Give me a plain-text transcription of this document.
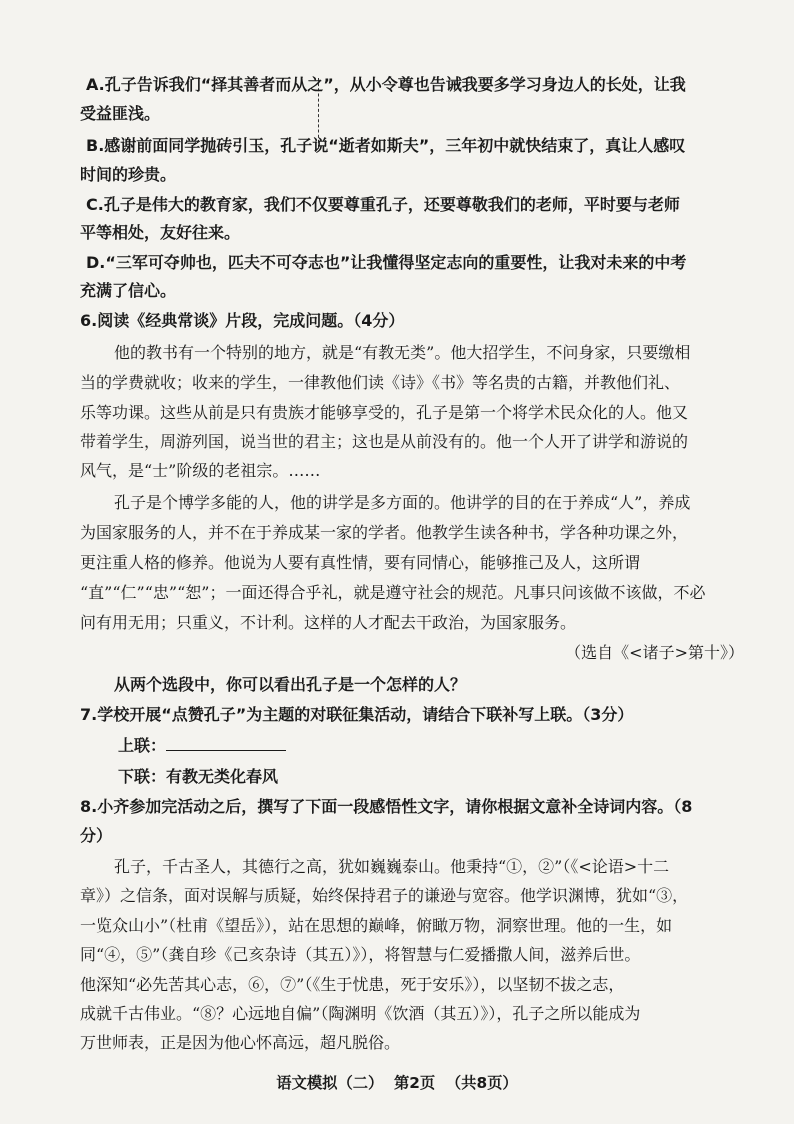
A.孔子告诉我们“择其善者而从之”，从小令尊也告诫我要多学习身边人的长处，让我
受益匪浅。
B.感谢前面同学抛砖引玉，孔子说“逝者如斯夫”，三年初中就快结束了，真让人感叹
时间的珍贵。
C.孔子是伟大的教育家，我们不仅要尊重孔子，还要尊敬我们的老师，平时要与老师
平等相处，友好往来。
D.“三军可夺帅也，匹夫不可夺志也”让我懂得坚定志向的重要性，让我对未来的中考
充满了信心。
6.阅读《经典常谈》片段，完成问题。（4分）
他的教书有一个特别的地方，就是“有教无类”。他大招学生，不问身家，只要缴相
当的学费就收；收来的学生，一律教他们读《诗》《书》等名贵的古籍，并教他们礼、
乐等功课。这些从前是只有贵族才能够享受的，孔子是第一个将学术民众化的人。他又
带着学生，周游列国，说当世的君主；这也是从前没有的。他一个人开了讲学和游说的
风气，是“士”阶级的老祖宗。……
孔子是个博学多能的人，他的讲学是多方面的。他讲学的目的在于养成“人”，养成
为国家服务的人，并不在于养成某一家的学者。他教学生读各种书，学各种功课之外，
更注重人格的修养。他说为人要有真性情，要有同情心，能够推己及人，这所谓
“直”“仁”“忠”“恕”；一面还得合乎礼，就是遵守社会的规范。凡事只问该做不该做，不必
问有用无用；只重义，不计利。这样的人才配去干政治，为国家服务。
（选自《<诸子>第十》）
从两个选段中，你可以看出孔子是一个怎样的人？
7.学校开展“点赞孔子”为主题的对联征集活动，请结合下联补写上联。（3分）
上联：
下联：有教无类化春风
8.小齐参加完活动之后，撰写了下面一段感悟性文字，请你根据文意补全诗词内容。（8
分）
孔子，千古圣人，其德行之高，犹如巍巍泰山。他秉持“①，②”（《<论语>十二
章》）之信条，面对误解与质疑，始终保持君子的谦逊与宽容。他学识渊博，犹如“③，
一览众山小”（杜甫《望岳》），站在思想的巅峰，俯瞰万物，洞察世理。他的一生，如
同“④，⑤”（龚自珍《己亥杂诗（其五）》），将智慧与仁爱播撒人间，滋养后世。
他深知“必先苦其心志，⑥，⑦”（《生于忧患，死于安乐》），以坚韧不拔之志，
成就千古伟业。“⑧？心远地自偏”（陶渊明《饮酒（其五）》），孔子之所以能成为
万世师表，正是因为他心怀高远，超凡脱俗。
语文模拟（二）  第2页  （共8页）
